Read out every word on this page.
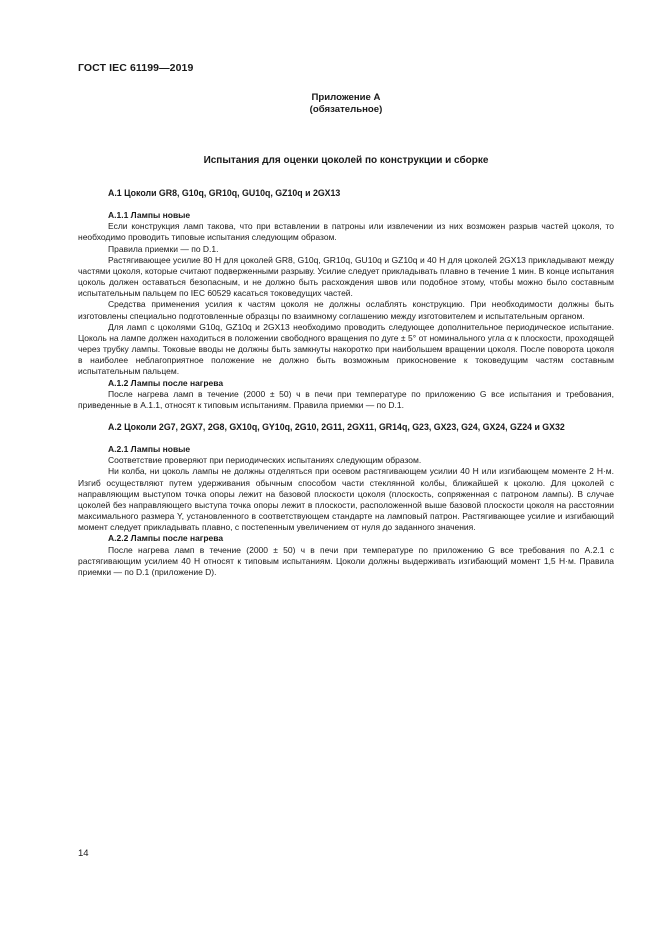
ГОСТ IEC 61199—2019
Приложение А
(обязательное)
Испытания для оценки цоколей по конструкции и сборке
А.1 Цоколи GR8, G10q, GR10q, GU10q, GZ10q и 2GX13
А.1.1 Лампы новые

Если конструкция ламп такова, что при вставлении в патроны или извлечении из них возможен разрыв частей цоколя, то необходимо проводить типовые испытания следующим образом.

Правила приемки — по D.1.

Растягивающее усилие 80 Н для цоколей GR8, G10q, GR10q, GU10q и GZ10q и 40 Н для цоколей 2GX13 прикладывают между частями цоколя, которые считают подверженными разрыву. Усилие следует прикладывать плавно в течение 1 мин. В конце испытания цоколь должен оставаться безопасным, и не должно быть расхождения швов или подобное этому, чтобы можно было составным испытательным пальцем по IEC 60529 касаться токоведущих частей.

Средства применения усилия к частям цоколя не должны ослаблять конструкцию. При необходимости должны быть изготовлены специально подготовленные образцы по взаимному соглашению между изготовителем и испытательным органом.

Для ламп с цоколями G10q, GZ10q и 2GX13 необходимо проводить следующее дополнительное периодическое испытание. Цоколь на лампе должен находиться в положении свободного вращения по дуге ± 5° от номинального угла α к плоскости, проходящей через трубку лампы. Токовые вводы не должны быть замкнуты накоротко при наибольшем вращении цоколя. После поворота цоколя в наиболее неблагоприятное положение не должно быть возможным прикосновение к токоведущим частям составным испытательным пальцем.

А.1.2 Лампы после нагрева

После нагрева ламп в течение (2000 ± 50) ч в печи при температуре по приложению G все испытания и требования, приведенные в А.1.1, относят к типовым испытаниям. Правила приемки — по D.1.

А.2 Цоколи 2G7, 2GX7, 2G8, GX10q, GY10q, 2G10, 2G11, 2GX11, GR14q, G23, GX23, G24, GX24, GZ24 и GX32
А.2.1 Лампы новые

Соответствие проверяют при периодических испытаниях следующим образом.

Ни колба, ни цоколь лампы не должны отделяться при осевом растягивающем усилии 40 Н или изгибающем моменте 2 Н·м. Изгиб осуществляют путем удерживания обычным способом части стеклянной колбы, ближайшей к цоколю. Для цоколей с направляющим выступом точка опоры лежит на базовой плоскости цоколя (плоскость, сопряженная с патроном лампы). В случае цоколей без направляющего выступа точка опоры лежит в плоскости, расположенной выше базовой плоскости цоколя на расстоянии максимального размера Y, установленного в соответствующем стандарте на ламповый патрон. Растягивающее усилие и изгибающий момент следует прикладывать плавно, с постепенным увеличением от нуля до заданного значения.

А.2.2 Лампы после нагрева

После нагрева ламп в течение (2000 ± 50) ч в печи при температуре по приложению G все требования по А.2.1 с растягивающим усилием 40 Н относят к типовым испытаниям. Цоколи должны выдерживать изгибающий момент 1,5 Н·м. Правила приемки — по D.1 (приложение D).

14
